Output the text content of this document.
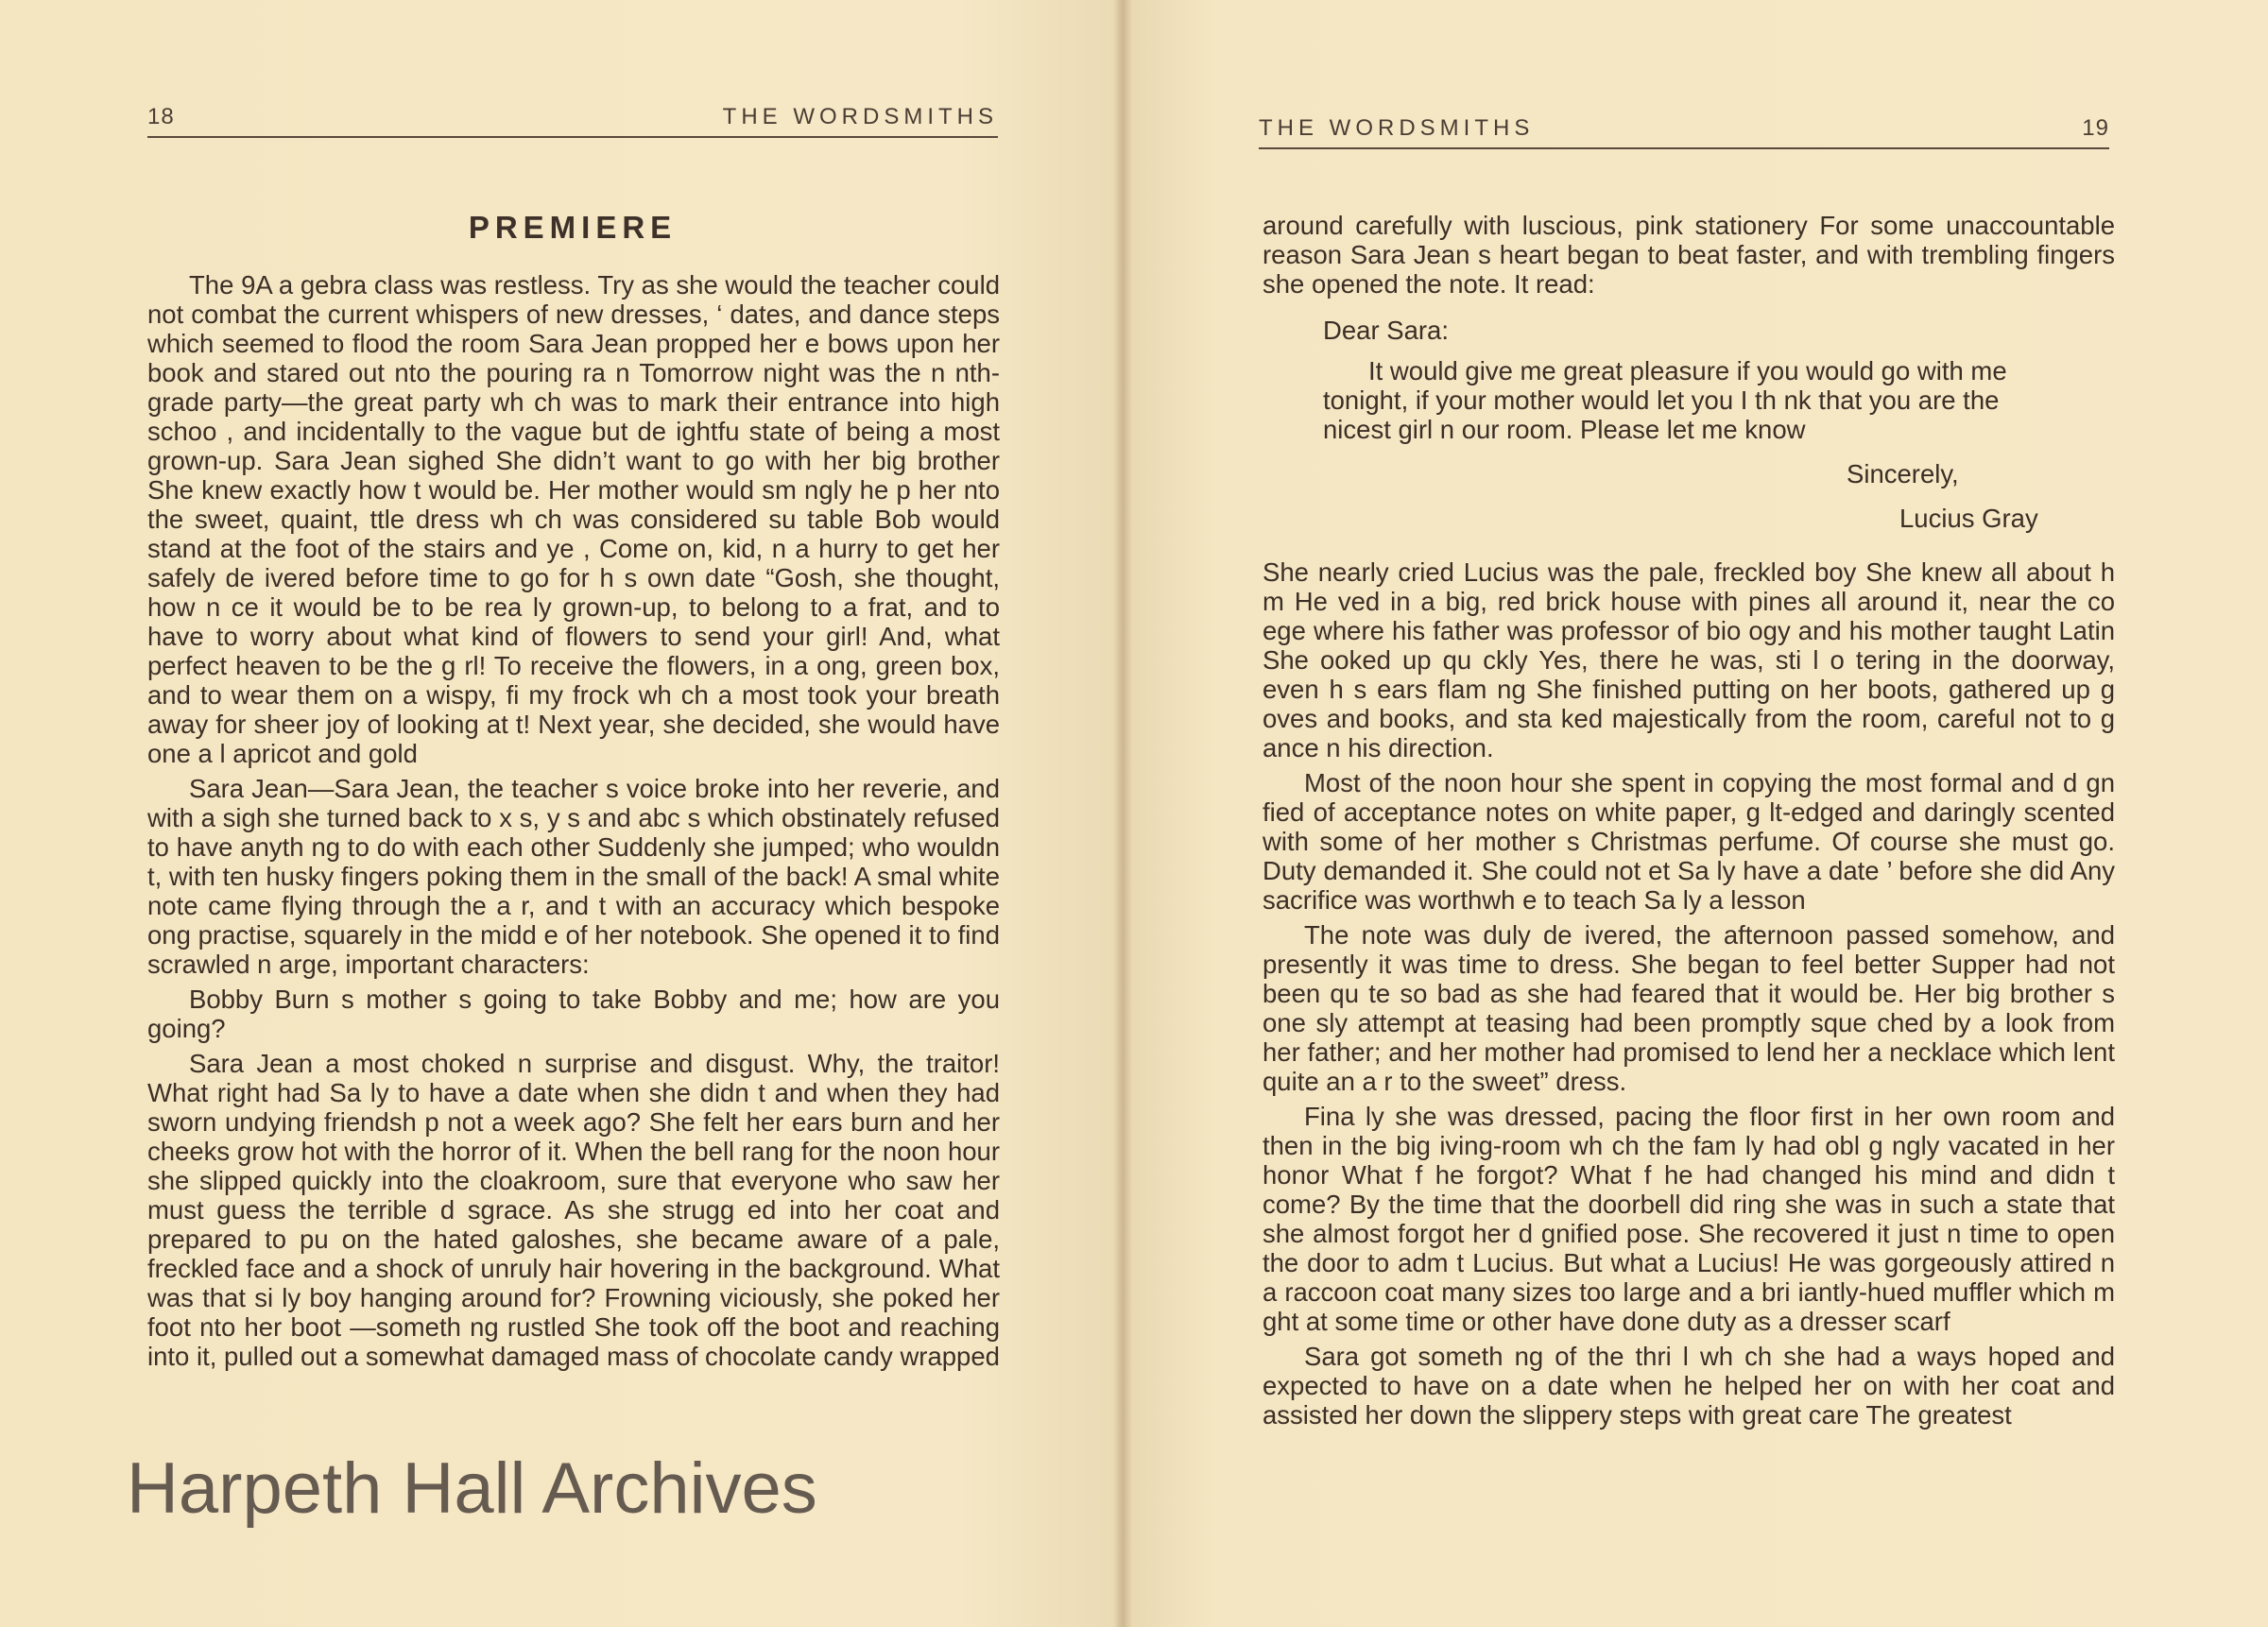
18	THE WORDSMITHS
PREMIERE

The 9A a gebra class was restless. Try as she would the teacher could not combat the current whispers of new dresses, ‘ dates, and dance steps which seemed to flood the room Sara Jean propped her e bows upon her book and stared out nto the pouring ra n Tomorrow night was the n nth-grade party—the great party wh ch was to mark their entrance into high schoo , and incidentally to the vague but de ightfu state of being a most grown-up. Sara Jean sighed She didn’t want to go with her big brother She knew exactly how t would be. Her mother would sm ngly he p her nto the sweet, quaint, ttle dress wh ch was considered su table Bob would stand at the foot of the stairs and ye , Come on, kid, n a hurry to get her safely de ivered before time to go for h s own date “Gosh, she thought, how n ce it would be to be rea ly grown-up, to belong to a frat, and to have to worry about what kind of flowers to send your girl! And, what perfect heaven to be the g rl! To receive the flowers, in a ong, green box, and to wear them on a wispy, fi my frock wh ch a most took your breath away for sheer joy of looking at t! Next year, she decided, she would have one a l apricot and gold

Sara Jean—Sara Jean, the teacher s voice broke into her reverie, and with a sigh she turned back to x s, y s and abc s which obstinately refused to have anyth ng to do with each other Suddenly she jumped; who wouldn t, with ten husky fingers poking them in the small of the back! A smal white note came flying through the a r, and t with an accuracy which bespoke ong practise, squarely in the midd e of her notebook. She opened it to find scrawled n arge, important characters:

Bobby Burn s mother s going to take Bobby and me; how are you going?

Sara Jean a most choked n surprise and disgust. Why, the traitor! What right had Sa ly to have a date when she didn t and when they had sworn undying friendsh p not a week ago? She felt her ears burn and her cheeks grow hot with the horror of it. When the bell rang for the noon hour she slipped quickly into the cloakroom, sure that everyone who saw her must guess the terrible d sgrace. As she strugg ed into her coat and prepared to pu on the hated galoshes, she became aware of a pale, freckled face and a shock of unruly hair hovering in the background. What was that si ly boy hanging around for? Frowning viciously, she poked her foot nto her boot —someth ng rustled She took off the boot and reaching into it, pulled out a somewhat damaged mass of chocolate candy wrapped

THE WORDSMITHS	19

around carefully with luscious, pink stationery For some unaccountable reason Sara Jean s heart began to beat faster, and with trembling fingers she opened the note. It read:

Dear Sara:
It would give me great pleasure if you would go with me tonight, if your mother would let you I th nk that you are the nicest girl n our room. Please let me know
Sincerely,
Lucius Gray

She nearly cried Lucius was the pale, freckled boy She knew all about h m He ved in a big, red brick house with pines all around it, near the co ege where his father was professor of bio ogy and his mother taught Latin She ooked up qu ckly Yes, there he was, sti l o tering in the doorway, even h s ears flam ng She finished putting on her boots, gathered up g oves and books, and sta ked majestically from the room, careful not to g ance n his direction.

Most of the noon hour she spent in copying the most formal and d gn fied of acceptance notes on white paper, g lt-edged and daringly scented with some of her mother s Christmas perfume. Of course she must go. Duty demanded it. She could not et Sa ly have a date ’ before she did Any sacrifice was worthwh e to teach Sa ly a lesson

The note was duly de ivered, the afternoon passed somehow, and presently it was time to dress. She began to feel better Supper had not been qu te so bad as she had feared that it would be. Her big brother s one sly attempt at teasing had been promptly sque ched by a look from her father; and her mother had promised to lend her a necklace which lent quite an a r to the sweet” dress.

Fina ly she was dressed, pacing the floor first in her own room and then in the big iving-room wh ch the fam ly had obl g ngly vacated in her honor What f he forgot? What f he had changed his mind and didn t come? By the time that the doorbell did ring she was in such a state that she almost forgot her d gnified pose. She recovered it just n time to open the door to adm t Lucius. But what a Lucius! He was gorgeously attired n a raccoon coat many sizes too large and a bri iantly-hued muffler which m ght at some time or other have done duty as a dresser scarf

Sara got someth ng of the thri l wh ch she had a ways hoped and expected to have on a date when he helped her on with her coat and assisted her down the slippery steps with great care The greatest

Harpeth Hall Archives
